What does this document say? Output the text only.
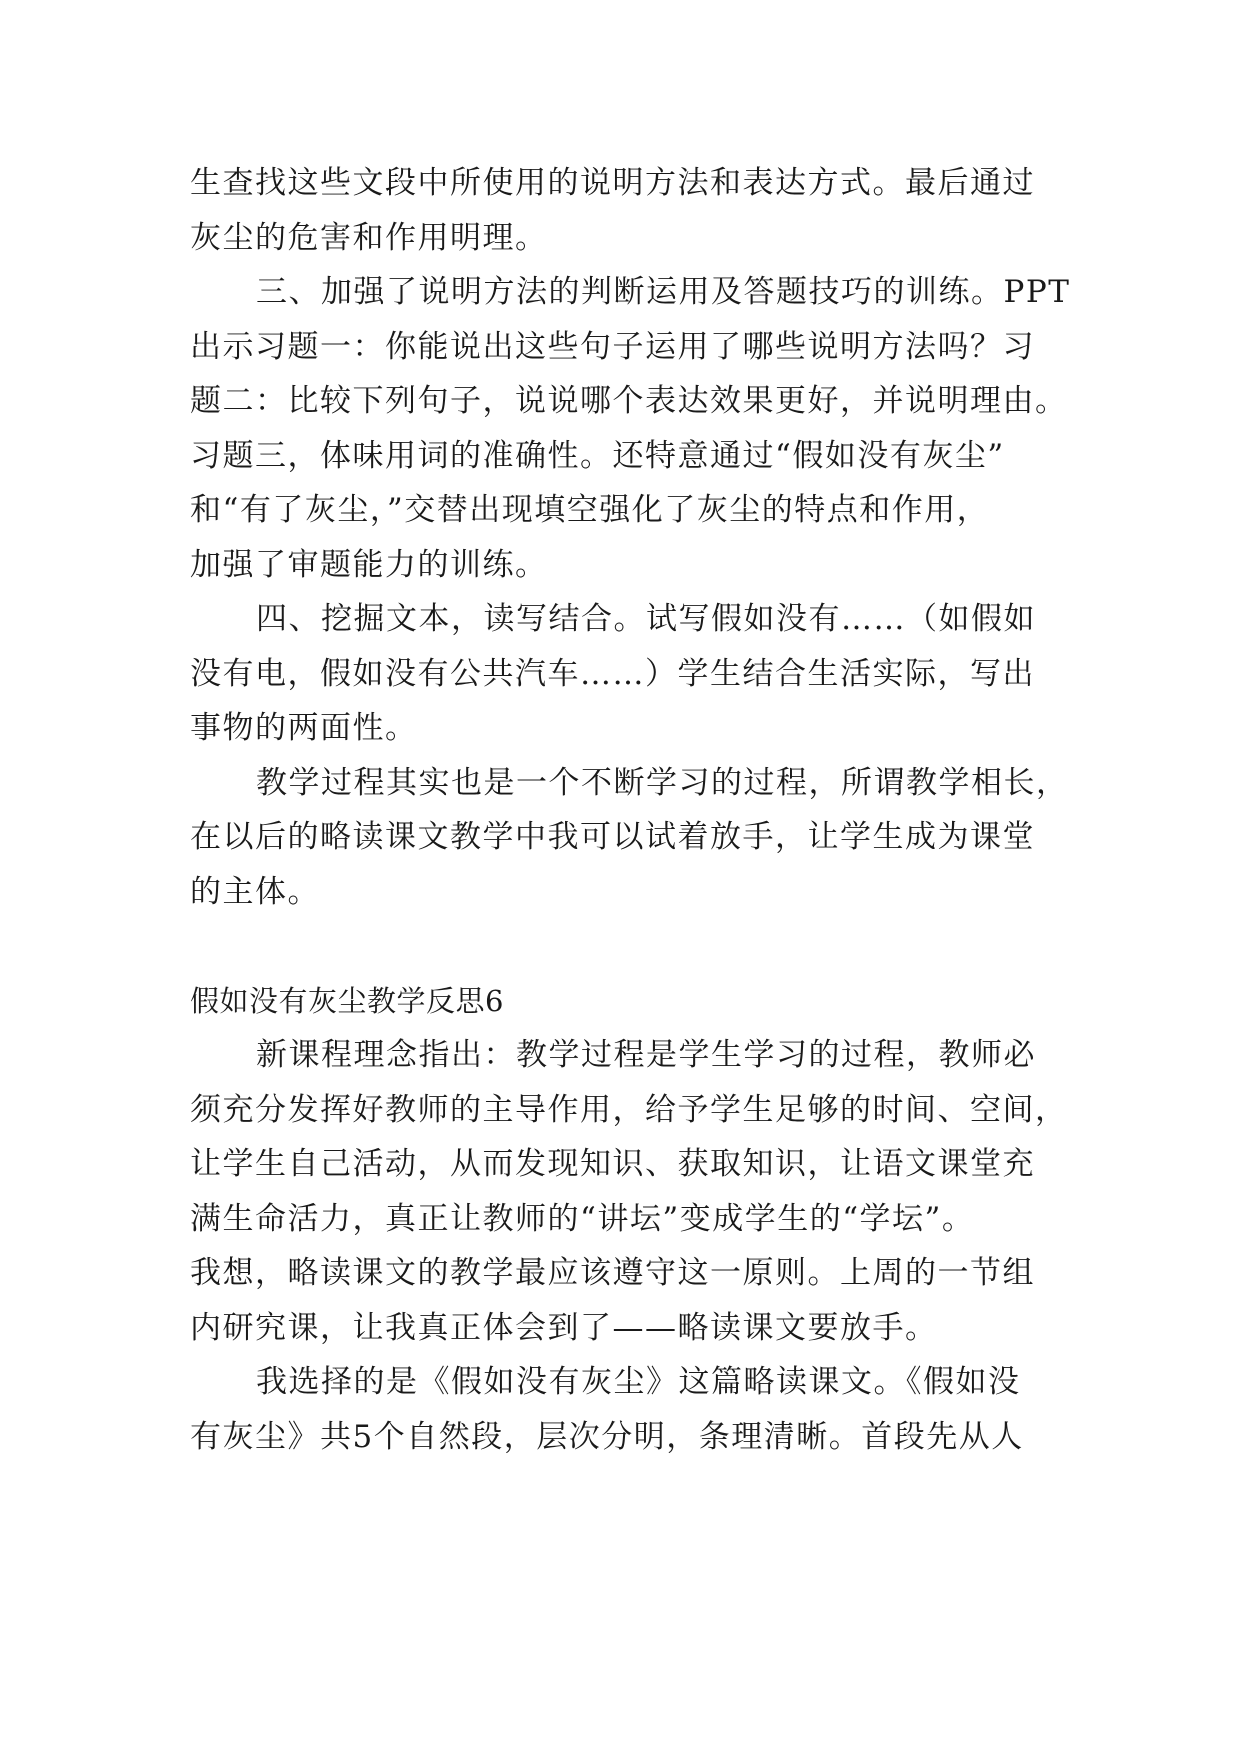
生查找这些文段中所使用的说明方法和表达方式。最后通过
灰尘的危害和作用明理。
三、加强了说明方法的判断运用及答题技巧的训练。PPT
出示习题一：你能说出这些句子运用了哪些说明方法吗？习
题二：比较下列句子，说说哪个表达效果更好，并说明理由。
习题三，体味用词的准确性。还特意通过“假如没有灰尘”
和“有了灰尘，”交替出现填空强化了灰尘的特点和作用，
加强了审题能力的训练。
四、挖掘文本，读写结合。试写假如没有……（如假如
没有电，假如没有公共汽车……）学生结合生活实际，写出
事物的两面性。
教学过程其实也是一个不断学习的过程，所谓教学相长，
在以后的略读课文教学中我可以试着放手，让学生成为课堂
的主体。
假如没有灰尘教学反思6
新课程理念指出：教学过程是学生学习的过程，教师必
须充分发挥好教师的主导作用，给予学生足够的时间、空间，
让学生自己活动，从而发现知识、获取知识，让语文课堂充
满生命活力，真正让教师的“讲坛”变成学生的“学坛”。
我想，略读课文的教学最应该遵守这一原则。上周的一节组
内研究课，让我真正体会到了——略读课文要放手。
我选择的是《假如没有灰尘》这篇略读课文。《假如没
有灰尘》共5个自然段，层次分明，条理清晰。首段先从人
